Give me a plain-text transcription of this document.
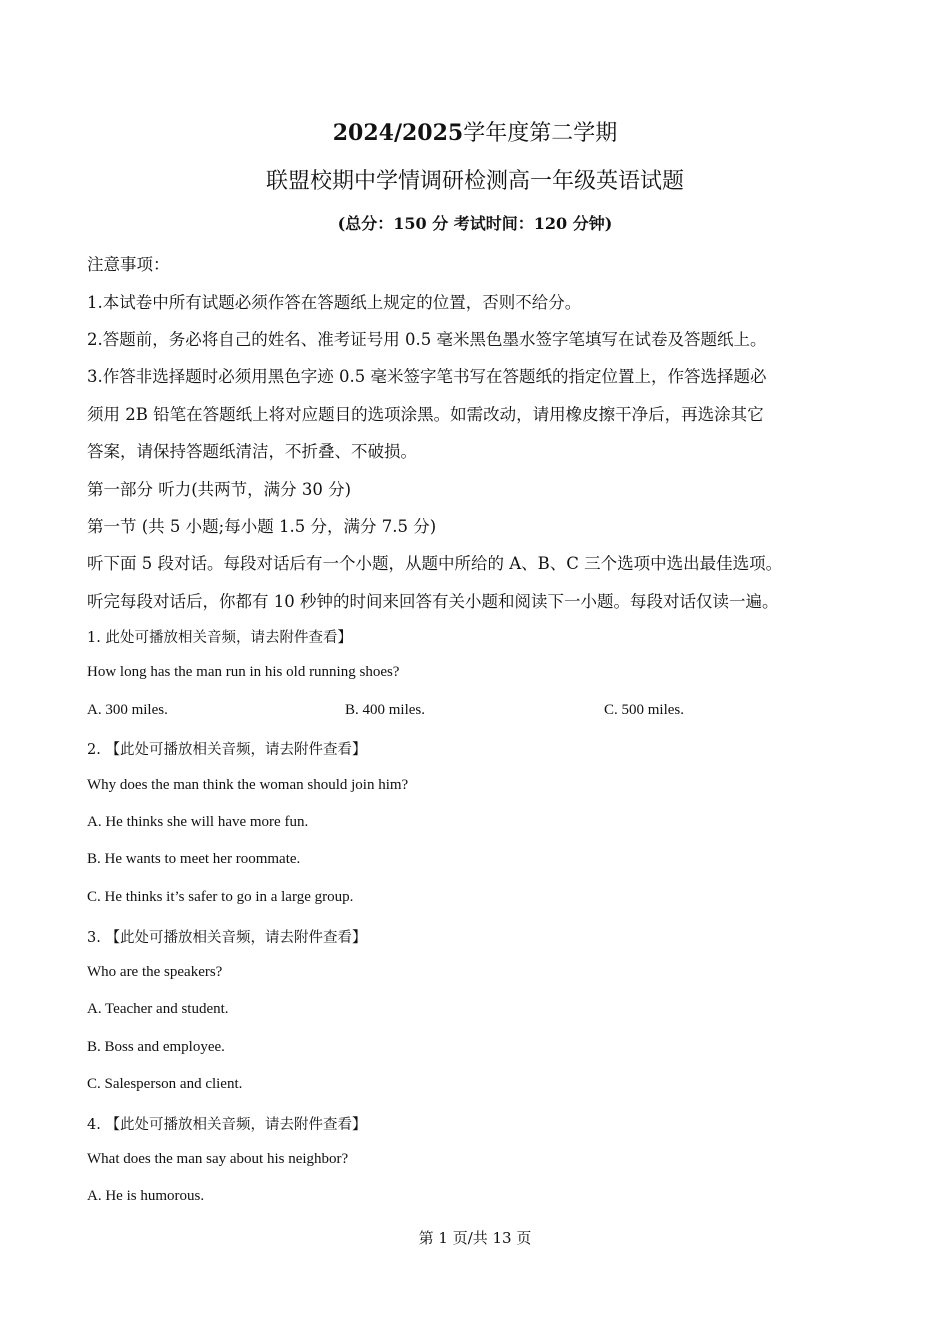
2024/2025学年度第二学期
联盟校期中学情调研检测高一年级英语试题
(总分：150 分 考试时间：120 分钟)
注意事项：
1.本试卷中所有试题必须作答在答题纸上规定的位置，否则不给分。
2.答题前，务必将自己的姓名、准考证号用 0.5 毫米黑色墨水签字笔填写在试卷及答题纸上。
3.作答非选择题时必须用黑色字迹 0.5 毫米签字笔书写在答题纸的指定位置上，作答选择题必
须用 2B 铅笔在答题纸上将对应题目的选项涂黑。如需改动，请用橡皮擦干净后，再选涂其它
答案，请保持答题纸清洁，不折叠、不破损。
第一部分 听力(共两节，满分 30 分)
第一节 (共 5 小题;每小题 1.5 分，满分 7.5 分)
听下面 5 段对话。每段对话后有一个小题，从题中所给的 A、B、C 三个选项中选出最佳选项。
听完每段对话后，你都有 10 秒钟的时间来回答有关小题和阅读下一小题。每段对话仅读一遍。
1. 此处可播放相关音频，请去附件查看】
How long has the man run in his old running shoes?
A. 300 miles.	B. 400 miles.	C. 500 miles.
2. 【此处可播放相关音频，请去附件查看】
Why does the man think the woman should join him?
A. He thinks she will have more fun.
B. He wants to meet her roommate.
C. He thinks it’s safer to go in a large group.
3. 【此处可播放相关音频，请去附件查看】
Who are the speakers?
A. Teacher and student.
B. Boss and employee.
C. Salesperson and client.
4. 【此处可播放相关音频，请去附件查看】
What does the man say about his neighbor?
A. He is humorous.
第 1 页/共 13 页
